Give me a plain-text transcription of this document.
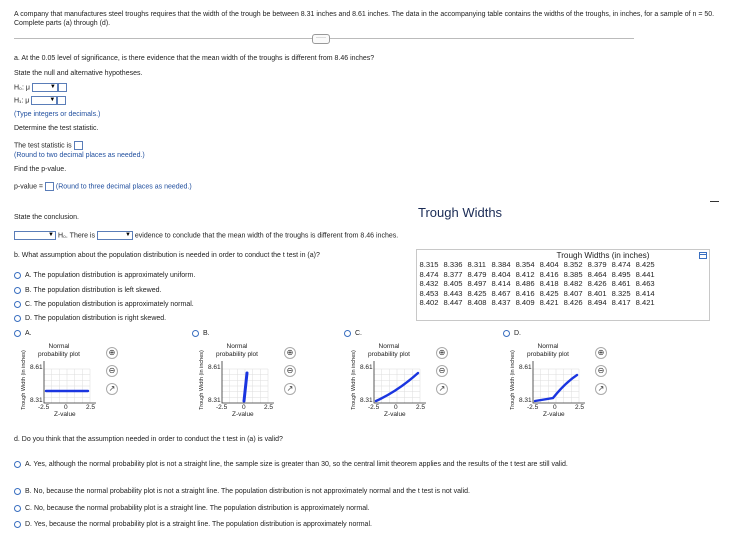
A company that manufactures steel troughs requires that the width of the trough be between 8.31 inches and 8.61 inches. The data in the accompanying table contains the widths of the troughs, in inches, for a sample of n = 50. Complete parts (a) through (d).
·····
a. At the 0.05 level of significance, is there evidence that the mean width of the troughs is different from 8.46 inches?
State the null and alternative hypotheses.
H₀: μ ▼
H₁: μ ▼
(Type integers or decimals.)
Determine the test statistic.
The test statistic is
(Round to two decimal places as needed.)
Find the p-value.
p-value = (Round to three decimal places as needed.)
State the conclusion.
▼ H₀. There is ▼	evidence to conclude that the mean width of the troughs is different from 8.46 inches.
b. What assumption about the population distribution is needed in order to conduct the t test in (a)?
A. The population distribution is approximately uniform.
B. The population distribution is left skewed.
C. The population distribution is approximately normal.
D. The population distribution is right skewed.
A.
Normal
probability plot
8.61
8.31
-2.5 0	2.5
Z-value
Trough Width (in inches)	⊕
⊖
↗
B.
Normal
probability plot
8.61
8.31
-2.5 0	2.5
Z-value
Trough Width (in inches)	⊕
⊖
↗
C.
Normal
probability plot
8.61
8.31
-2.5 0	2.5
Z-value
Trough Width (in inches)	⊕
⊖
↗
D.
Normal
probability plot
8.61
8.31
-2.5 0	2.5
Z-value
Trough Width (in inches)	⊕
⊖
↗
Trough Widths
—
Trough Widths (in inches)
8.315	8.336	8.311	8.384	8.354	8.404	8.352	8.379	8.474	8.425
8.474	8.377	8.479	8.404	8.412	8.416	8.385	8.464	8.495	8.441
8.432	8.405	8.497	8.414	8.486	8.418	8.482	8.426	8.461	8.463
8.453	8.443	8.425	8.467	8.416	8.425	8.407	8.401	8.325	8.414
8.402	8.447	8.408	8.437	8.409	8.421	8.426	8.494	8.417	8.421
d. Do you think that the assumption needed in order to conduct the t test in (a) is valid?
A. Yes, although the normal probability plot is not a straight line, the sample size is greater than 30, so the central limit theorem applies and the results of the t test are still valid.
B. No, because the normal probability plot is not a straight line. The population distribution is not approximately normal and the t test is not valid.
C. No, because the normal probability plot is a straight line. The population distribution is approximately normal.
D. Yes, because the normal probability plot is a straight line. The population distribution is approximately normal.
